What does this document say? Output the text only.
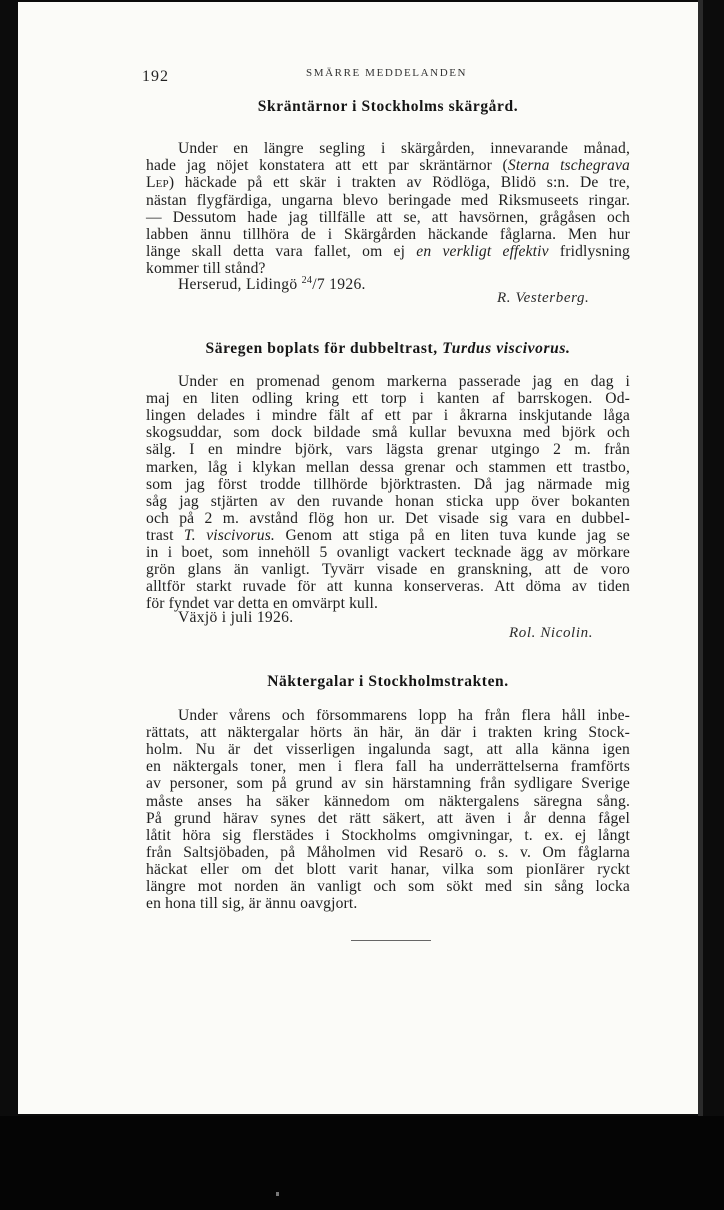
192	SMÄRRE MEDDELANDEN
Skräntärnor i Stockholms skärgård.
Under en längre segling i skärgården, innevarande månad,
hade jag nöjet konstatera att ett par skräntärnor (Sterna tschegrava
Lep) häckade på ett skär i trakten av Rödlöga, Blidö s:n. De tre,
nästan flygfärdiga, ungarna blevo beringade med Riksmuseets ringar.
— Dessutom hade jag tillfälle att se, att havsörnen, grågåsen och
labben ännu tillhöra de i Skärgården häckande fåglarna. Men hur
länge skall detta vara fallet, om ej en verkligt effektiv fridlysning
kommer till stånd?
Herserud, Lidingö $^{24}$/7 1926.
R. Vesterberg.
Säregen boplats för dubbeltrast, Turdus viscivorus.
Under en promenad genom markerna passerade jag en dag i
maj en liten odling kring ett torp i kanten af barrskogen. Od-
lingen delades i mindre fält af ett par i åkrarna inskjutande låga
skogsuddar, som dock bildade små kullar bevuxna med björk och
sälg. I en mindre björk, vars lägsta grenar utgingo 2 m. från
marken, låg i klykan mellan dessa grenar och stammen ett trastbo,
som jag först trodde tillhörde björktrasten. Då jag närmade mig
såg jag stjärten av den ruvande honan sticka upp över bokanten
och på 2 m. avstånd flög hon ur. Det visade sig vara en dubbel-
trast T. viscivorus. Genom att stiga på en liten tuva kunde jag se
in i boet, som innehöll 5 ovanligt vackert tecknade ägg av mörkare
grön glans än vanligt. Tyvärr visade en granskning, att de voro
alltför starkt ruvade för att kunna konserveras. Att döma av tiden
för fyndet var detta en omvärpt kull.
Växjö i juli 1926.
Rol. Nicolin.
Näktergalar i Stockholmstrakten.
Under vårens och försommarens lopp ha från flera håll inbe-
rättats, att näktergalar hörts än här, än där i trakten kring Stock-
holm. Nu är det visserligen ingalunda sagt, att alla känna igen
en näktergals toner, men i flera fall ha underrättelserna framförts
av personer, som på grund av sin härstamning från sydligare Sverige
måste anses ha säker kännedom om näktergalens säregna sång.
På grund härav synes det rätt säkert, att även i år denna fågel
låtit höra sig flerstädes i Stockholms omgivningar, t. ex. ej långt
från Saltsjöbaden, på Måholmen vid Resarö o. s. v. Om fåglarna
häckat eller om det blott varit hanar, vilka som pionIärer ryckt
längre mot norden än vanligt och som sökt med sin sång locka
en hona till sig, är ännu oavgjort.
